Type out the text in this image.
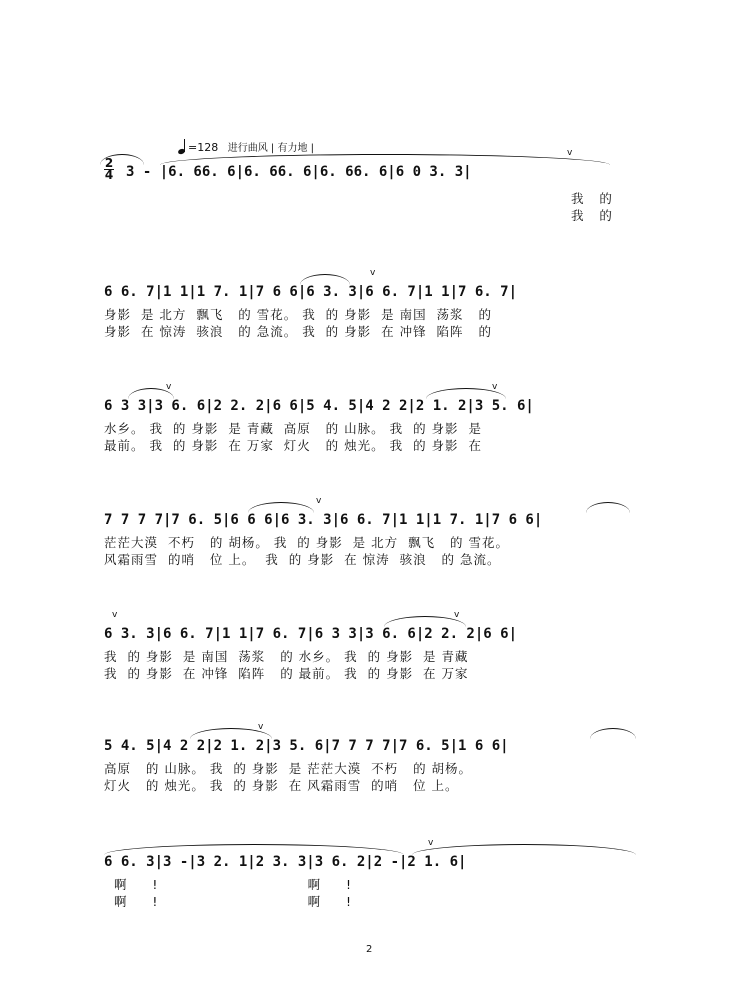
=128 进行曲风 | 有力地 |
2
4 3 - |6. 66. 6|6. 66. 6|6. 66. 6|6 0 3. 3|
v
我   的
我   的
6 6. 7|1 1|1 7. 1|7 6 6|6 3. 3|6 6. 7|1 1|7 6. 7|
v
身影  是 北方  飘飞   的 雪花。 我  的 身影  是 南国  荡浆   的
身影  在 惊涛  骇浪   的 急流。 我  的 身影  在 冲锋  陷阵   的
6 3 3|3 6. 6|2 2. 2|6 6|5 4. 5|4 2 2|2 1. 2|3 5. 6|
v	v
水乡。 我  的 身影  是 青藏  高原   的 山脉。 我  的 身影  是
最前。 我  的 身影  在 万家  灯火   的 烛光。 我  的 身影  在
7 7 7 7|7 6. 5|6 6 6|6 3. 3|6 6. 7|1 1|1 7. 1|7 6 6|
v
茫茫大漠  不朽   的 胡杨。 我  的 身影  是 北方  飘飞   的 雪花。
风霜雨雪  的哨   位 上。  我  的 身影  在 惊涛  骇浪   的 急流。
6 3. 3|6 6. 7|1 1|7 6. 7|6 3 3|3 6. 6|2 2. 2|6 6|
v	v
我  的 身影  是 南国  荡浆   的 水乡。 我  的 身影  是 青藏
我  的 身影  在 冲锋  陷阵   的 最前。 我  的 身影  在 万家
5 4. 5|4 2 2|2 1. 2|3 5. 6|7 7 7 7|7 6. 5|1 6 6|
v
高原   的 山脉。 我  的 身影  是 茫茫大漠  不朽   的 胡杨。
灯火   的 烛光。 我  的 身影  在 风霜雨雪  的哨   位 上。
6 6. 3|3 -|3 2. 1|2 3. 3|3 6. 2|2 -|2 1. 6|
v
啊     !                              啊     !
啊     !                              啊     !
2
